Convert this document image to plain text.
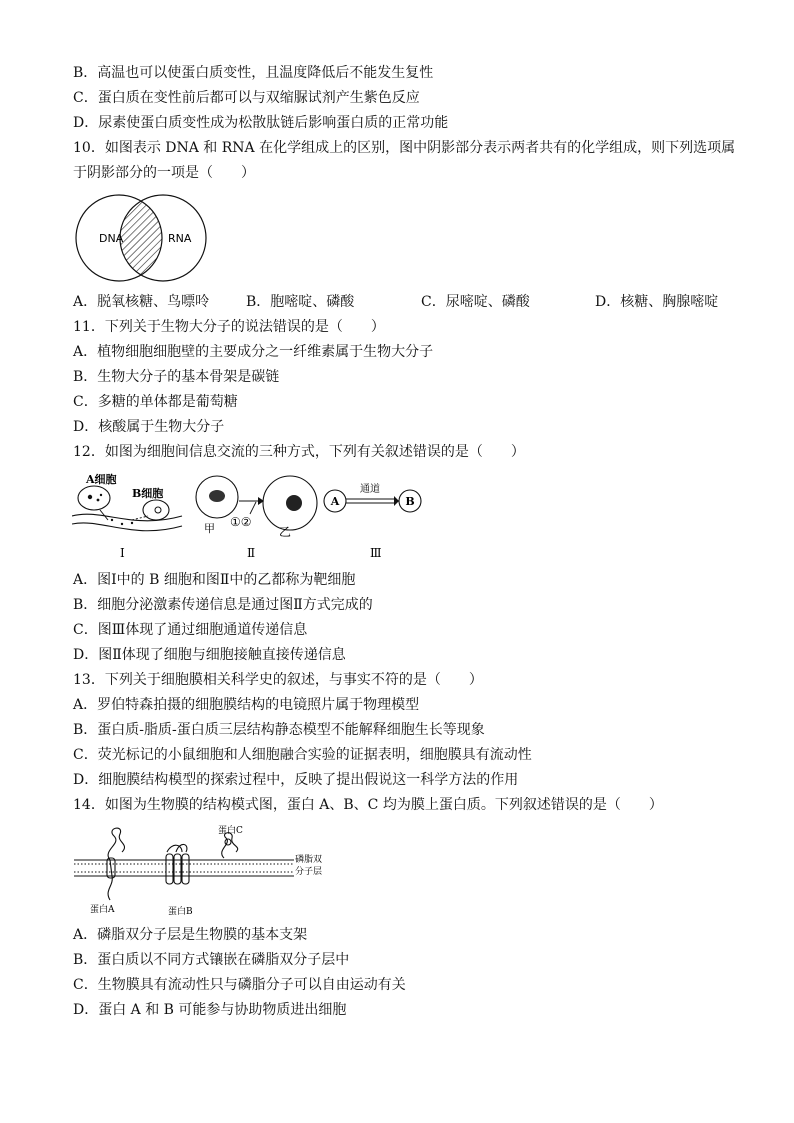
B．高温也可以使蛋白质变性，且温度降低后不能发生复性
C．蛋白质在变性前后都可以与双缩脲试剂产生紫色反应
D．尿素使蛋白质变性成为松散肽链后影响蛋白质的正常功能
10．如图表示 DNA 和 RNA 在化学组成上的区别，图中阴影部分表示两者共有的化学组成，则下列选项属
于阴影部分的一项是（　　）
DNA	RNA
A．脱氧核糖、鸟嘌呤	B．胞嘧啶、磷酸	C．尿嘧啶、磷酸	D．核糖、胸腺嘧啶
11．下列关于生物大分子的说法错误的是（　　）
A．植物细胞细胞壁的主要成分之一纤维素属于生物大分子
B．生物大分子的基本骨架是碳链
C．多糖的单体都是葡萄糖
D．核酸属于生物大分子
12．如图为细胞间信息交流的三种方式，下列有关叙述错误的是（　　）
A细胞
B细胞
Ⅰ
甲 ①②
乙
Ⅱ
A	B
通道
Ⅲ
A．图Ⅰ中的 B 细胞和图Ⅱ中的乙都称为靶细胞
B．细胞分泌激素传递信息是通过图Ⅱ方式完成的
C．图Ⅲ体现了通过细胞通道传递信息
D．图Ⅱ体现了细胞与细胞接触直接传递信息
13．下列关于细胞膜相关科学史的叙述，与事实不符的是（　　）
A．罗伯特森拍摄的细胞膜结构的电镜照片属于物理模型
B．蛋白质-脂质-蛋白质三层结构静态模型不能解释细胞生长等现象
C．荧光标记的小鼠细胞和人细胞融合实验的证据表明，细胞膜具有流动性
D．细胞膜结构模型的探索过程中，反映了提出假说这一科学方法的作用
14．如图为生物膜的结构模式图，蛋白 A、B、C 均为膜上蛋白质。下列叙述错误的是（　　）
蛋白C
磷脂双
分子层
蛋白A	蛋白B
A．磷脂双分子层是生物膜的基本支架
B．蛋白质以不同方式镶嵌在磷脂双分子层中
C．生物膜具有流动性只与磷脂分子可以自由运动有关
D．蛋白 A 和 B 可能参与协助物质进出细胞
